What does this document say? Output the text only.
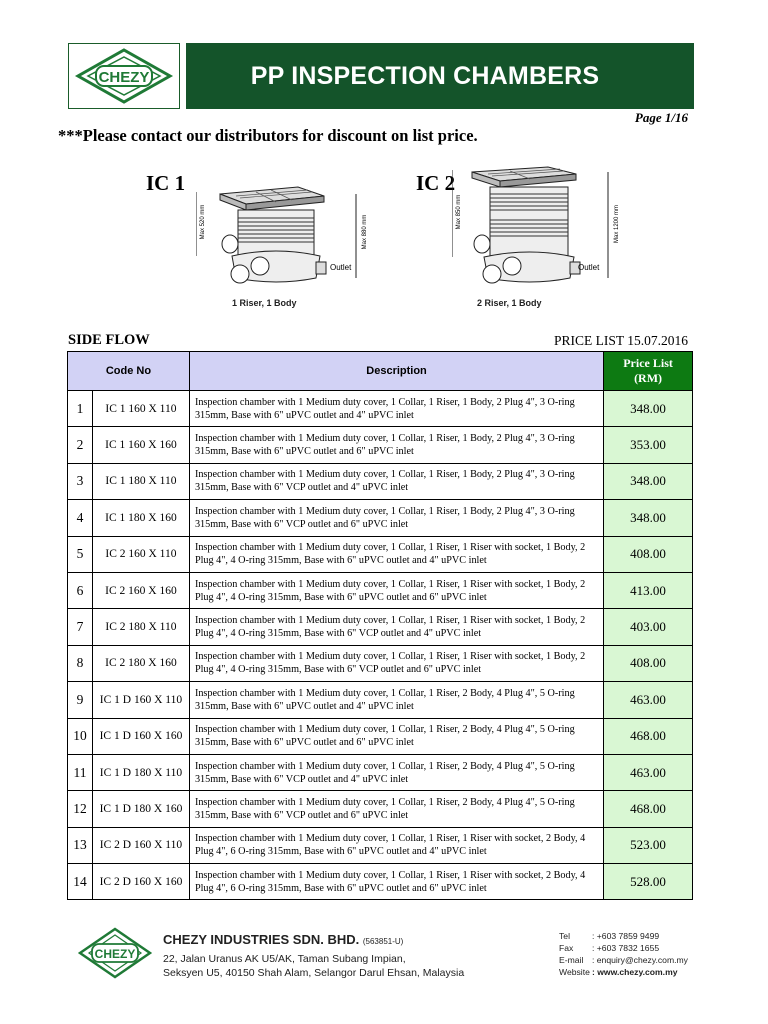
CHEZY	PP INSPECTION CHAMBERS
Page 1/16
***Please contact our distributors for discount on list price.
IC 1
Max 520 mm	Max 880 mm
Outlet
1 Riser, 1 Body
IC 2
Max 850 mm	Max 1200 mm
Outlet
2 Riser, 1 Body
SIDE FLOW	PRICE LIST 15.07.2016
Code No		Description	Price List
(RM)
1	IC 1 160 X 110	Inspection chamber with 1 Medium duty cover, 1 Collar, 1 Riser, 1 Body, 2 Plug 4", 3 O-ring 315mm, Base with 6" uPVC outlet and 4" uPVC inlet	348.00
2	IC 1 160 X 160	Inspection chamber with 1 Medium duty cover, 1 Collar, 1 Riser, 1 Body, 2 Plug 4", 3 O-ring 315mm, Base with 6" uPVC outlet and 6" uPVC inlet	353.00
3	IC 1 180 X 110	Inspection chamber with 1 Medium duty cover, 1 Collar, 1 Riser, 1 Body, 2 Plug 4", 3 O-ring 315mm, Base with 6" VCP outlet and 4" uPVC inlet	348.00
4	IC 1 180 X 160	Inspection chamber with 1 Medium duty cover, 1 Collar, 1 Riser, 1 Body, 2 Plug 4", 3 O-ring 315mm, Base with 6" VCP outlet and 6" uPVC inlet	348.00
5	IC 2 160 X 110	Inspection chamber with 1 Medium duty cover, 1 Collar, 1 Riser, 1 Riser with socket, 1 Body, 2 Plug 4", 4 O-ring 315mm, Base with 6" uPVC outlet and 4" uPVC inlet	408.00
6	IC 2 160 X 160	Inspection chamber with 1 Medium duty cover, 1 Collar, 1 Riser, 1 Riser with socket, 1 Body, 2 Plug 4", 4 O-ring 315mm, Base with 6" uPVC outlet and 6" uPVC inlet	413.00
7	IC 2 180 X 110	Inspection chamber with 1 Medium duty cover, 1 Collar, 1 Riser, 1 Riser with socket, 1 Body, 2 Plug 4", 4 O-ring 315mm, Base with 6" VCP outlet and 4" uPVC inlet	403.00
8	IC 2 180 X 160	Inspection chamber with 1 Medium duty cover, 1 Collar, 1 Riser, 1 Riser with socket, 1 Body, 2 Plug 4", 4 O-ring 315mm, Base with 6" VCP outlet and 6" uPVC inlet	408.00
9	IC 1 D 160 X 110	Inspection chamber with 1 Medium duty cover, 1 Collar, 1 Riser, 2 Body, 4 Plug 4", 5 O-ring 315mm, Base with 6" uPVC outlet and 4" uPVC inlet	463.00
10	IC 1 D 160 X 160	Inspection chamber with 1 Medium duty cover, 1 Collar, 1 Riser, 2 Body, 4 Plug 4", 5 O-ring 315mm, Base with 6" uPVC outlet and 6" uPVC inlet	468.00
11	IC 1 D 180 X 110	Inspection chamber with 1 Medium duty cover, 1 Collar, 1 Riser, 2 Body, 4 Plug 4", 5 O-ring 315mm, Base with 6" VCP outlet and 4" uPVC inlet	463.00
12	IC 1 D 180 X 160	Inspection chamber with 1 Medium duty cover, 1 Collar, 1 Riser, 2 Body, 4 Plug 4", 5 O-ring 315mm, Base with 6" VCP outlet and 6" uPVC inlet	468.00
13	IC 2 D 160 X 110	Inspection chamber with 1 Medium duty cover, 1 Collar, 1 Riser, 1 Riser with socket, 2 Body, 4 Plug 4", 6 O-ring 315mm, Base with 6" uPVC outlet and 4" uPVC inlet	523.00
14	IC 2 D 160 X 160	Inspection chamber with 1 Medium duty cover, 1 Collar, 1 Riser, 1 Riser with socket, 2 Body, 4 Plug 4", 6 O-ring 315mm, Base with 6" uPVC outlet and 6" uPVC inlet	528.00
CHEZY
CHEZY INDUSTRIES SDN. BHD. (563851-U)
22, Jalan Uranus AK U5/AK, Taman Subang Impian,
Seksyen U5, 40150 Shah Alam, Selangor Darul Ehsan, Malaysia
Tel	: +603 7859 9499
Fax : +603 7832 1655
E-mail : enquiry@chezy.com.my
Website : www.chezy.com.my
